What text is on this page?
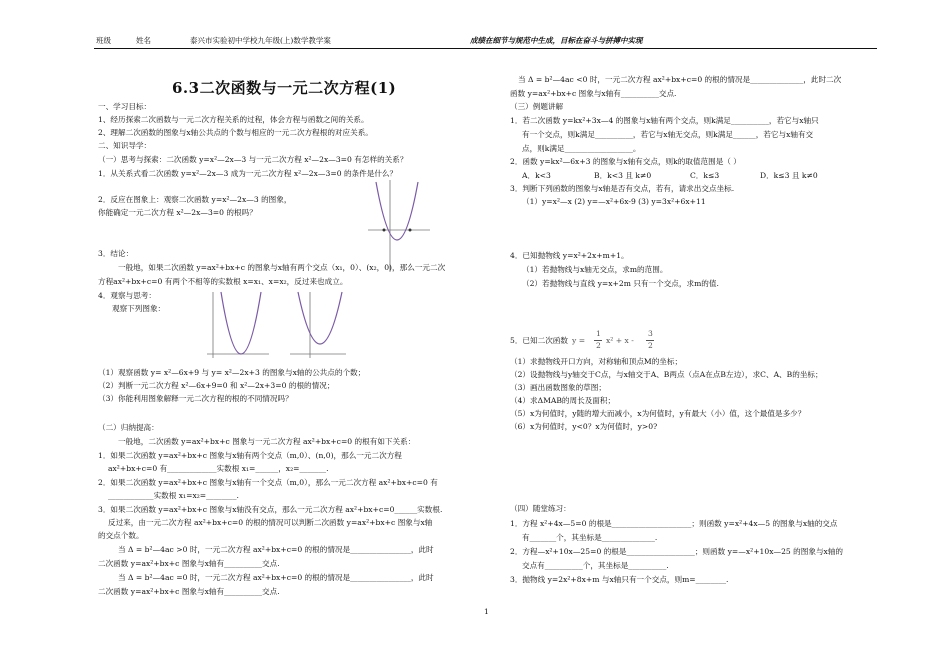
班级	姓名	泰兴市实验初中学校九年级(上)数学教学案	成绩在细节与规范中生成，目标在奋斗与拼搏中实现
6.3二次函数与一元二次方程(1)
一、学习目标：
1、经历探索二次函数与一元二次方程关系的过程，体会方程与函数之间的关系。
2、理解二次函数的图象与x轴公共点的个数与相应的一元二次方程根的对应关系。
二、知识导学：
（一）思考与探索：二次函数 y=x²—2x—3 与一元二次方程 x²—2x—3=0 有怎样的关系？
1．从关系式看二次函数 y=x²—2x—3 成为一元二次方程 x²—2x—3=0 的条件是什么？
2．反应在图象上：观察二次函数 y=x²—2x—3 的图象，
你能确定一元二次方程 x²—2x—3=0 的根吗？
3．结论：
一般地，如果二次函数 y=ax²+bx+c 的图象与x轴有两个交点（x₁，0）、(x₂，0)，那么一元二次
方程ax²+bx+c=0 有两个不相等的实数根 x=x₁、x=x₂，反过来也成立。
4．观察与思考：
观察下列图象：
（1）观察函数 y= x²—6x+9 与 y= x²—2x+3 的图象与x轴的公共点的个数；
（2）判断一元二次方程 x²—6x+9=0 和 x²—2x+3=0 的根的情况；
（3）你能利用图象解释一元二次方程的根的不同情况吗？
（二）归纳提高：
一般地，二次函数 y=ax²+bx+c 图象与一元二次方程 ax²+bx+c=0 的根有如下关系：
1．如果二次函数 y=ax²+bx+c 图象与x轴有两个交点（m,0）、(n,0)，那么一元二次方程
ax²+bx+c=0 有_____________实数根 x₁=______，x₂=_______.
2．如果二次函数 y=ax²+bx+c 图象与x轴有一个交点（m,0），那么一元二次方程 ax²+bx+c=0 有
____________实数根 x₁=x₂=________.
3．如果二次函数 y=ax²+bx+c 图象与x轴没有交点，那么一元二次方程 ax²+bx+c=0______实数根.
反过来，由一元二次方程 ax²+bx+c=0 的根的情况可以判断二次函数 y=ax²+bx+c 图象与x轴
的交点个数。
当 Δ = b²—4ac >0 时，一元二次方程 ax²+bx+c=0 的根的情况是________________，此时
二次函数 y=ax²+bx+c 图象与x轴有__________交点.
当 Δ = b²—4ac =0 时，一元二次方程 ax²+bx+c=0 的根的情况是________________，此时
二次函数 y=ax²+bx+c 图象与x轴有__________交点.
当 Δ = b²—4ac <0 时，一元二次方程 ax²+bx+c=0 的根的情况是______________，此时二次
函数 y=ax²+bx+c 图象与x轴有__________交点.
（三）例题讲解
1．若二次函数 y=kx²+3x—4 的图象与x轴有两个交点，则k满足__________，若它与x轴只
有一个交点，则k满足__________，若它与x轴无交点，则k满足______，若它与x轴有交
点，则k满足__________________。
2．函数 y=kx²—6x+3 的图象与x轴有交点，则k的取值范围是（ ）
A．k<3	B．k<3 且 k≠0	C．k≤3	D．k≤3 且 k≠0
3．判断下列函数的图象与x轴是否有交点，若有，请求出交点坐标.
（1）y=x²—x (2) y=—x²+6x-9 (3) y=3x²+6x+11
4．已知抛物线 y=x²+2x+m+1。
（1）若抛物线与x轴无交点，求m的范围。
（2）若抛物线与直线 y=x+2m 只有一个交点，求m的值.
5．已知二次函数 y =
1
2
x² + x -
3
2
（1）求抛物线开口方向，对称轴和顶点M的坐标；
（2）设抛物线与y轴交于C点，与x轴交于A、B两点（点A在点B左边），求C、A、B的坐标；
（3）画出函数图象的草图；
（4）求ΔMAB的周长及面积；
（5）x为何值时，y随的增大而减小，x为何值时，y有最大（小）值，这个最值是多少？
（6）x为何值时，y<0？x为何值时，y>0?
（四）随堂练习：
1．方程 x²+4x—5=0 的根是_____________________；则函数 y=x²+4x—5 的图象与x轴的交点
有_______个，其坐标是______________.
2．方程—x²+10x—25=0 的根是__________________；则函数 y=—x²+10x—25 的图象与x轴的
交点有__________个，其坐标是__________.
3．抛物线 y=2x²+8x+m 与x轴只有一个交点，则m=________.
1
